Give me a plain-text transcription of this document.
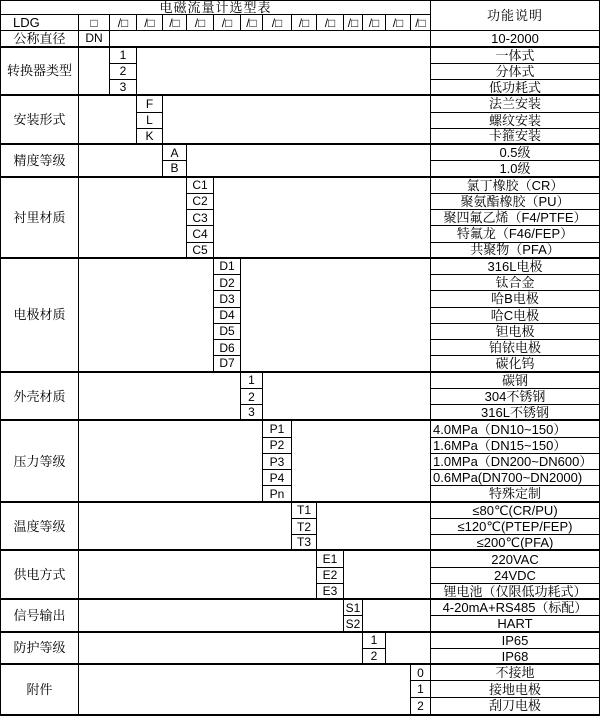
电磁流量计选型表
功能说明
LDG	□	/□	/□	/□	/□	/□	/□	/□	/□	/□	/□ /□	/□ /□
公称直径	DN	10-2000
转换器类型
1	一体式
2	分体式
3	低功耗式
安装形式
F	法兰安装
L	螺纹安装
K	卡箍安装
精度等级
A	0.5级
B	1.0级
衬里材质
C1	氯丁橡胶（CR）
C2	聚氨酯橡胶（PU）
C3	聚四氟乙烯（F4/PTFE）
C4	特氟龙（F46/FEP）
C5	共聚物（PFA）
电极材质
D1	316L电极
D2	钛合金
D3	哈B电极
D4	哈C电极
D5	钽电极
D6	铂铱电极
D7	碳化钨
外壳材质
1	碳钢
2	304不锈钢
3	316L不锈钢
压力等级
P1	4.0MPa（DN10~150）
P2	1.6MPa（DN15~150）
P3	1.0MPa（DN200~DN600）
P4	0.6MPa(DN700~DN2000)
Pn	特殊定制
温度等级
T1	≤80℃(CR/PU)
T2	≤120℃(PTEP/FEP)
T3	≤200℃(PFA)
供电方式
E1	220VAC
E2	24VDC
E3	锂电池（仅限低功耗式）
信号输出
S1	4-20mA+RS485（标配）
S2	HART
防护等级
1	IP65
2	IP68
附件
0	不接地
1	接地电极
2	刮刀电极
